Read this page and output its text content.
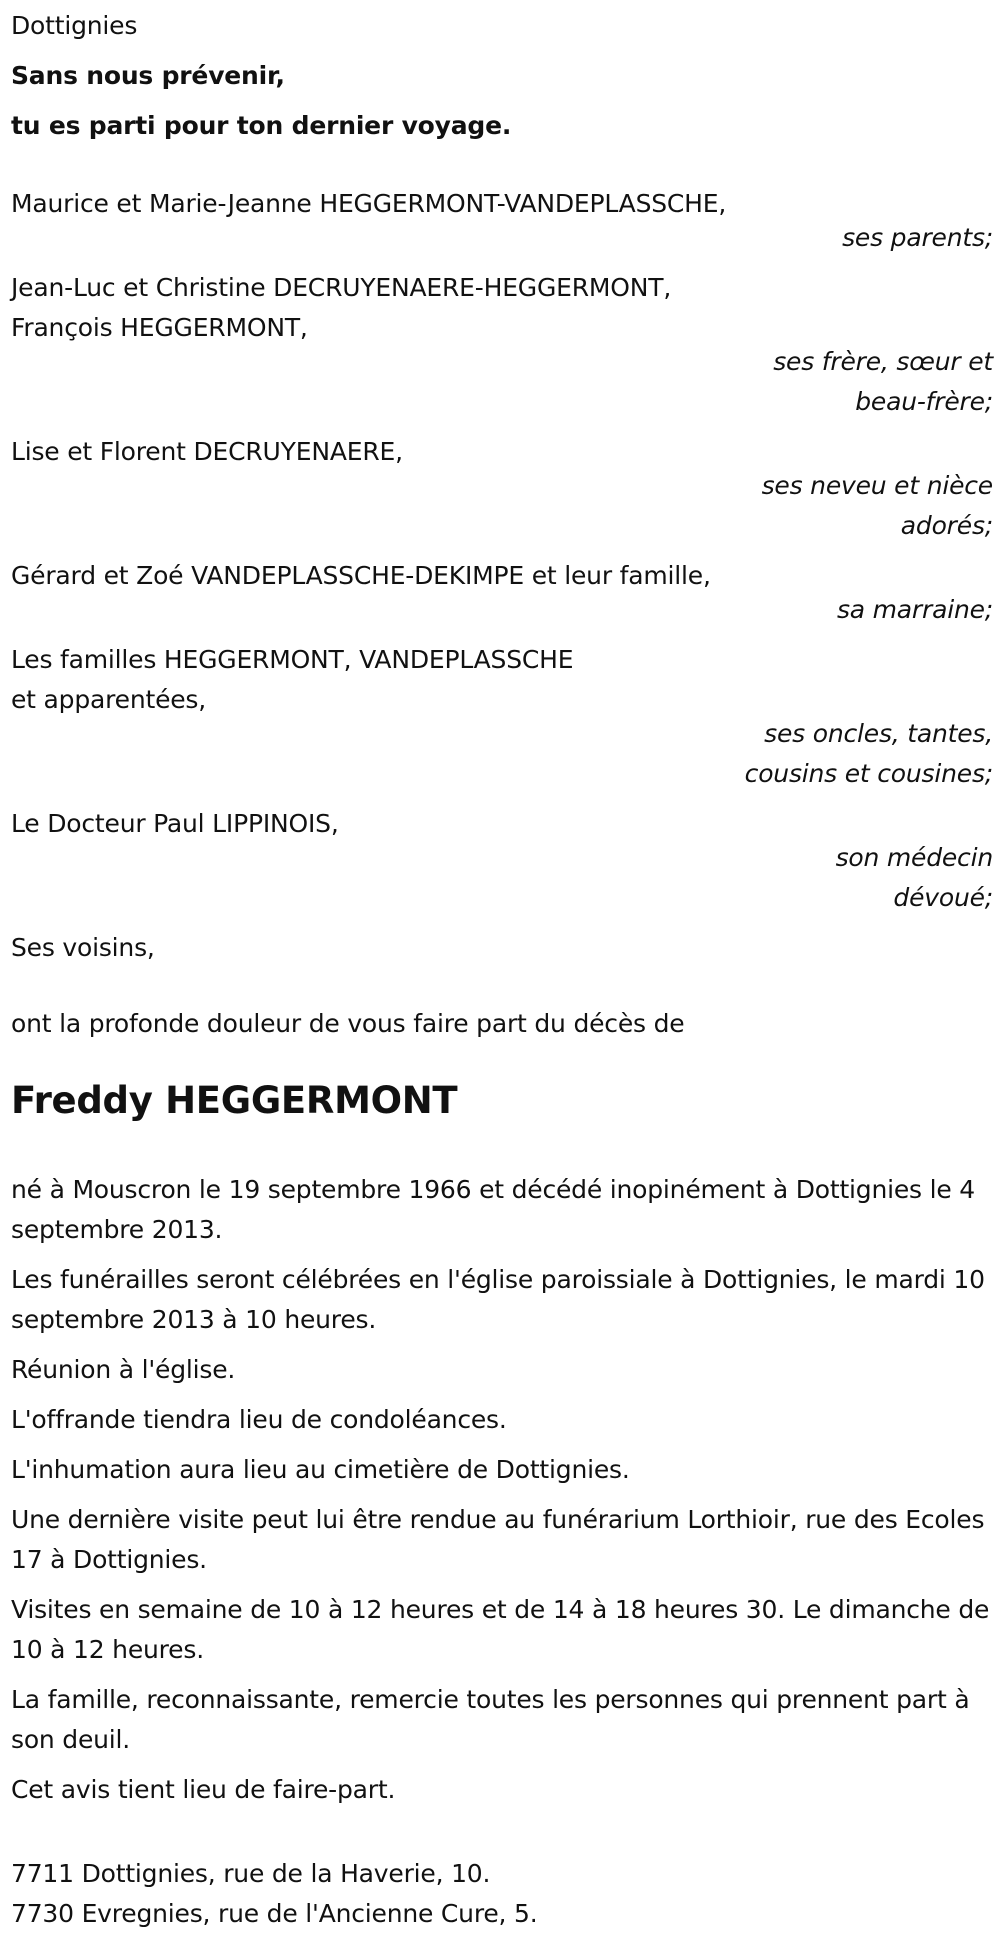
Dottignies
Sans nous prévenir,
tu es parti pour ton dernier voyage.
Maurice et Marie-Jeanne HEGGERMONT-VANDEPLASSCHE,
ses parents;
Jean-Luc et Christine DECRUYENAERE-HEGGERMONT,
François HEGGERMONT,
ses frère, sœur et
beau-frère;
Lise et Florent DECRUYENAERE,
ses neveu et nièce
adorés;
Gérard et Zoé VANDEPLASSCHE-DEKIMPE et leur famille,
sa marraine;
Les familles HEGGERMONT, VANDEPLASSCHE
et apparentées,
ses oncles, tantes,
cousins et cousines;
Le Docteur Paul LIPPINOIS,
son médecin
dévoué;
Ses voisins,
ont la profonde douleur de vous faire part du décès de
Freddy HEGGERMONT
né à Mouscron le 19 septembre 1966 et décédé inopinément à Dottignies le 4 septembre 2013.
Les funérailles seront célébrées en l'église paroissiale à Dottignies, le mardi 10 septembre 2013 à 10 heures.
Réunion à l'église.
L'offrande tiendra lieu de condoléances.
L'inhumation aura lieu au cimetière de Dottignies.
Une dernière visite peut lui être rendue au funérarium Lorthioir, rue des Ecoles 17 à Dottignies.
Visites en semaine de 10 à 12 heures et de 14 à 18 heures 30. Le dimanche de 10 à 12 heures.
La famille, reconnaissante, remercie toutes les personnes qui prennent part à son deuil.
Cet avis tient lieu de faire-part.
7711 Dottignies, rue de la Haverie, 10.
7730 Evregnies, rue de l'Ancienne Cure, 5.
